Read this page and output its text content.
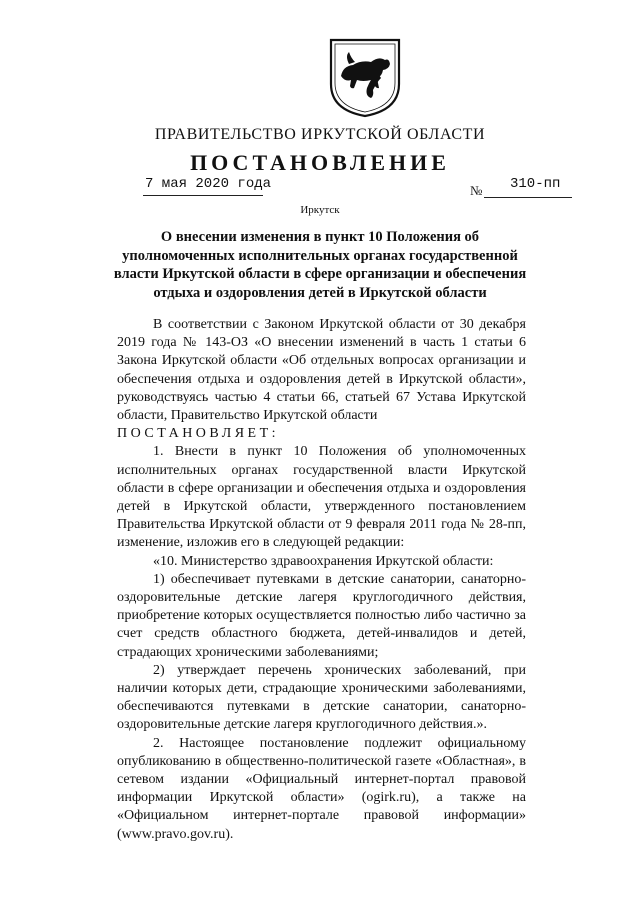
ПРАВИТЕЛЬСТВО ИРКУТСКОЙ ОБЛАСТИ
ПОСТАНОВЛЕНИЕ
7 мая 2020 года	№ 310-пп
Иркутск
О внесении изменения в пункт 10 Положения об уполномоченных исполнительных органах государственной власти Иркутской области в сфере организации и обеспечения отдыха и оздоровления детей в Иркутской области

В соответствии с Законом Иркутской области от 30 декабря 2019 года № 143-ОЗ «О внесении изменений в часть 1 статьи 6 Закона Иркутской области «Об отдельных вопросах организации и обеспечения отдыха и оздоровления детей в Иркутской области», руководствуясь частью 4 статьи 66, статьей 67 Устава Иркутской области, Правительство Иркутской области

ПОСТАНОВЛЯЕТ:

1. Внести в пункт 10 Положения об уполномоченных исполнительных органах государственной власти Иркутской области в сфере организации и обеспечения отдыха и оздоровления детей в Иркутской области, утвержденного постановлением Правительства Иркутской области от 9 февраля 2011 года № 28-пп, изменение, изложив его в следующей редакции:

«10. Министерство здравоохранения Иркутской области:

1) обеспечивает путевками в детские санатории, санаторно-оздоровительные детские лагеря круглогодичного действия, приобретение которых осуществляется полностью либо частично за счет средств областного бюджета, детей-инвалидов и детей, страдающих хроническими заболеваниями;

2) утверждает перечень хронических заболеваний, при наличии которых дети, страдающие хроническими заболеваниями, обеспечиваются путевками в детские санатории, санаторно-оздоровительные детские лагеря круглогодичного действия.».

2. Настоящее постановление подлежит официальному опубликованию в общественно-политической газете «Областная», в сетевом издании «Официальный интернет-портал правовой информации Иркутской области» (ogirk.ru), а также на «Официальном интернет-портале правовой информации» (www.pravo.gov.ru).
